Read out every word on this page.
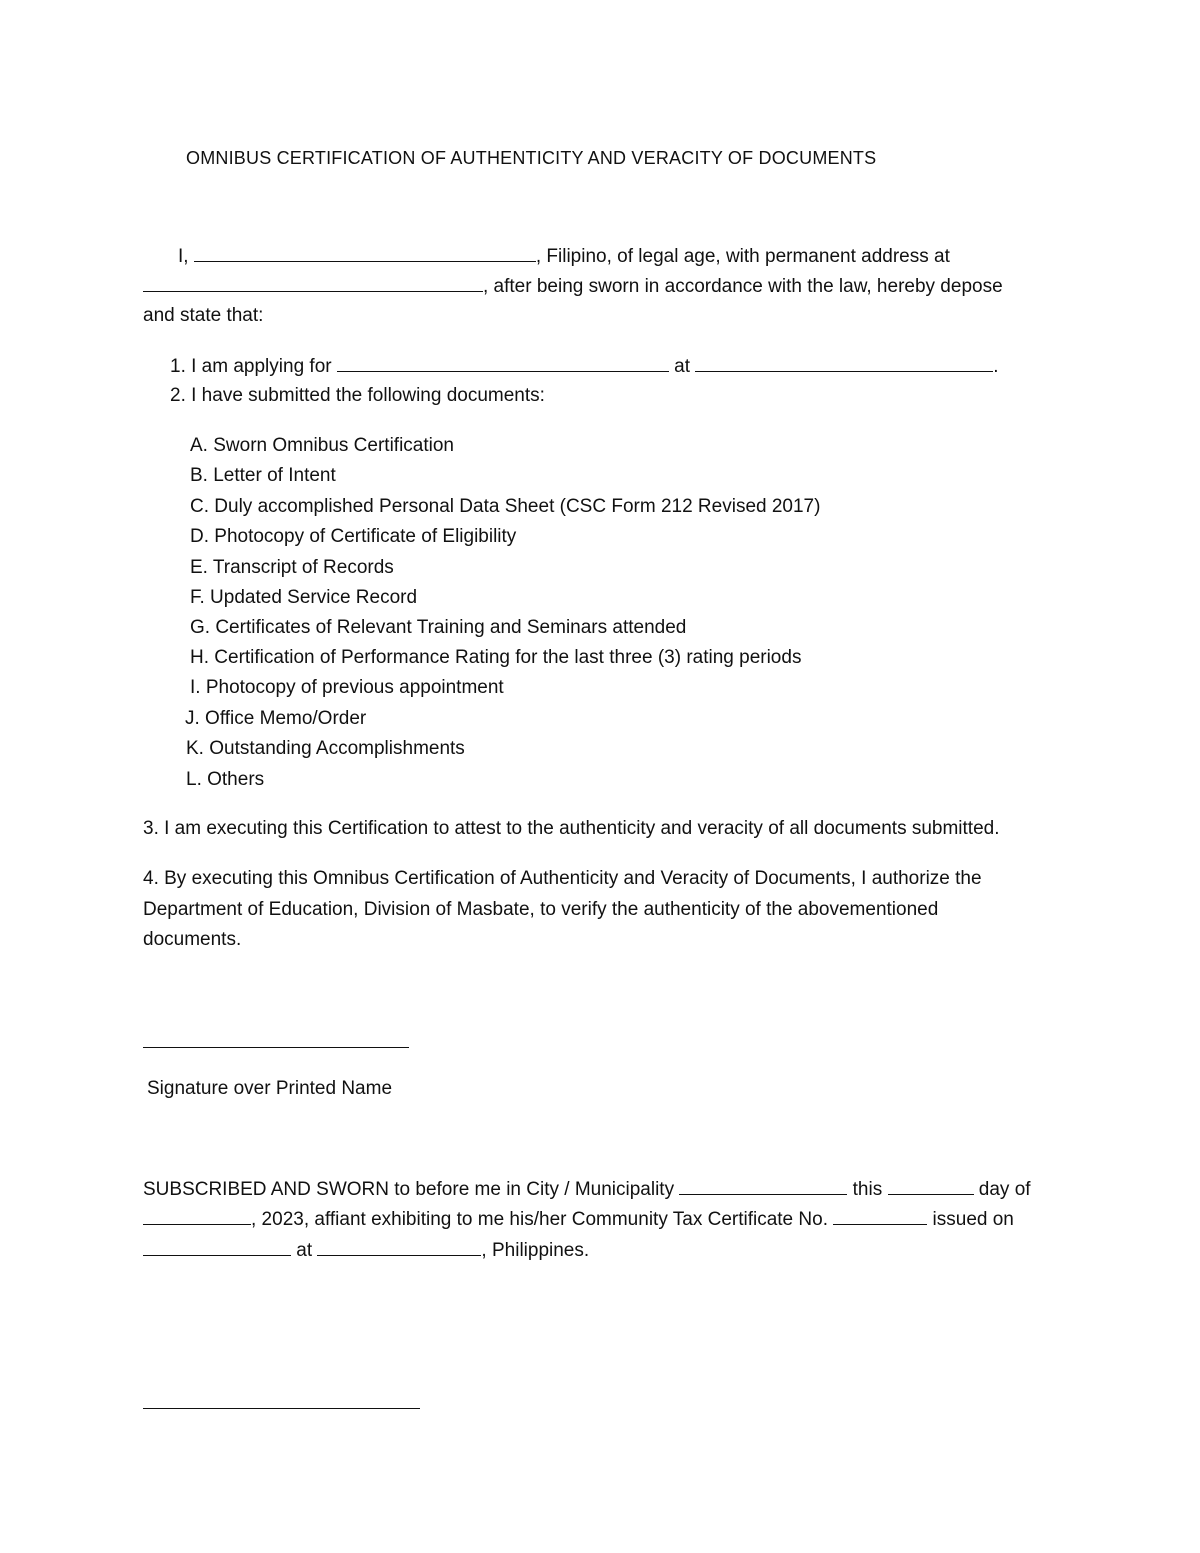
OMNIBUS CERTIFICATION OF AUTHENTICITY AND VERACITY OF DOCUMENTS
I,	, Filipino, of legal age, with permanent address at
, after being sworn in accordance with the law, hereby depose
and state that:
1. I am applying for	at	.
2. I have submitted the following documents:
A. Sworn Omnibus Certification
B. Letter of Intent
C. Duly accomplished Personal Data Sheet (CSC Form 212 Revised 2017)
D. Photocopy of Certificate of Eligibility
E. Transcript of Records
F. Updated Service Record
G. Certificates of Relevant Training and Seminars attended
H. Certification of Performance Rating for the last three (3) rating periods
I. Photocopy of previous appointment
J. Office Memo/Order
K. Outstanding Accomplishments
L. Others
3. I am executing this Certification to attest to the authenticity and veracity of all documents submitted.
4. By executing this Omnibus Certification of Authenticity and Veracity of Documents, I authorize the
Department of Education, Division of Masbate, to verify the authenticity of the abovementioned
documents.
Signature over Printed Name
SUBSCRIBED AND SWORN to before me in City / Municipality	this	day of
, 2023, affiant exhibiting to me his/her Community Tax Certificate No.	issued on
at	, Philippines.
